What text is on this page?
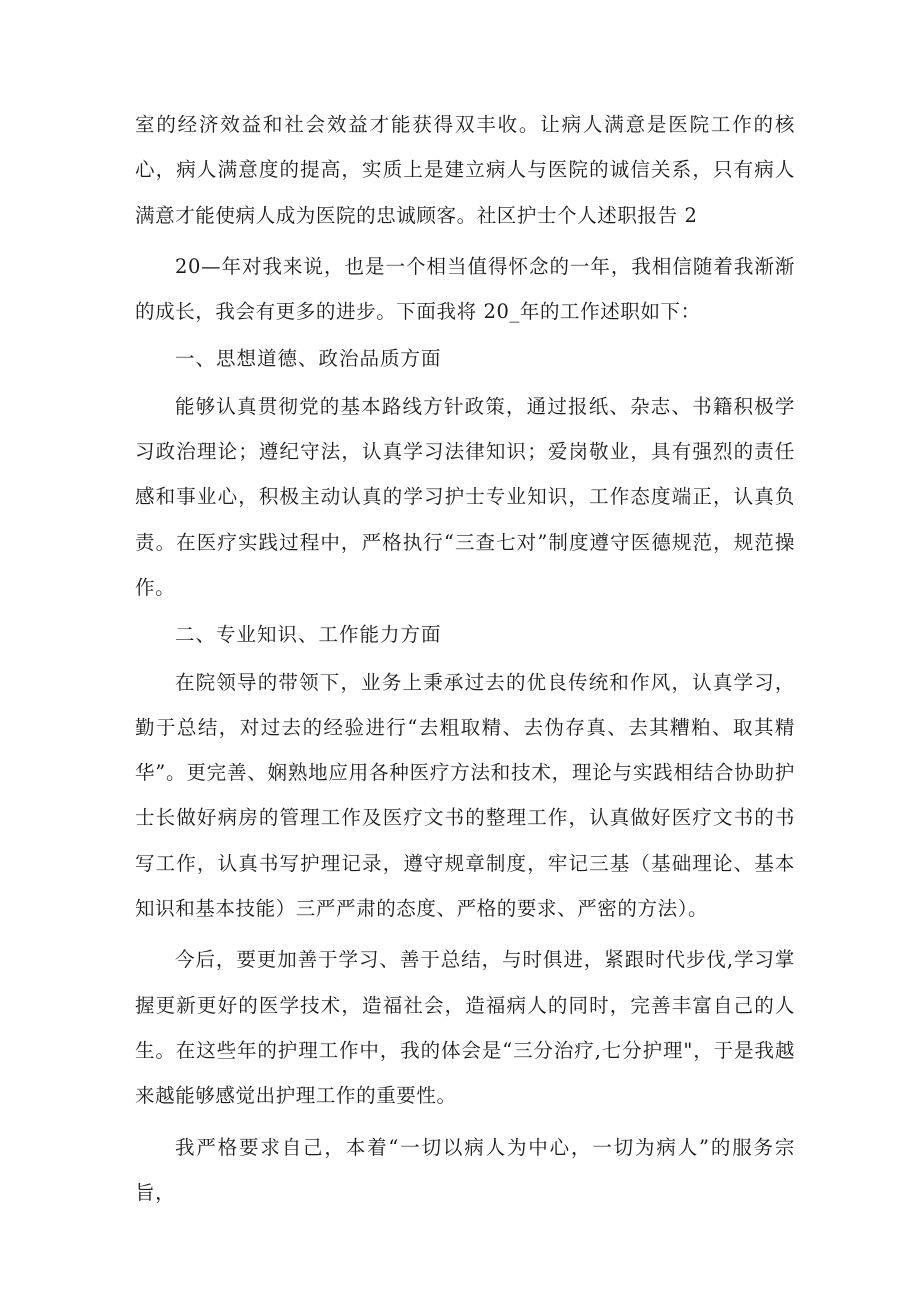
室的经济效益和社会效益才能获得双丰收。让病人满意是医院工作的核心，病人满意度的提高，实质上是建立病人与医院的诚信关系，只有病人满意才能使病人成为医院的忠诚顾客。社区护士个人述职报告 2

20—年对我来说，也是一个相当值得怀念的一年，我相信随着我渐渐的成长，我会有更多的进步。下面我将 20_年的工作述职如下：

一、思想道德、政治品质方面

能够认真贯彻党的基本路线方针政策，通过报纸、杂志、书籍积极学习政治理论；遵纪守法，认真学习法律知识；爱岗敬业，具有强烈的责任感和事业心，积极主动认真的学习护士专业知识，工作态度端正，认真负责。在医疗实践过程中，严格执行“三查七对”制度遵守医德规范，规范操作。

二、专业知识、工作能力方面

在院领导的带领下，业务上秉承过去的优良传统和作风，认真学习，勤于总结，对过去的经验进行“去粗取精、去伪存真、去其糟粕、取其精华”。更完善、娴熟地应用各种医疗方法和技术，理论与实践相结合协助护士长做好病房的管理工作及医疗文书的整理工作，认真做好医疗文书的书写工作，认真书写护理记录，遵守规章制度，牢记三基（基础理论、基本知识和基本技能）三严严肃的态度、严格的要求、严密的方法）。

今后，要更加善于学习、善于总结，与时俱进，紧跟时代步伐,学习掌握更新更好的医学技术，造福社会，造福病人的同时，完善丰富自己的人生。在这些年的护理工作中，我的体会是“三分治疗,七分护理"，于是我越来越能够感觉出护理工作的重要性。

我严格要求自己，本着“一切以病人为中心，一切为病人”的服务宗旨，
